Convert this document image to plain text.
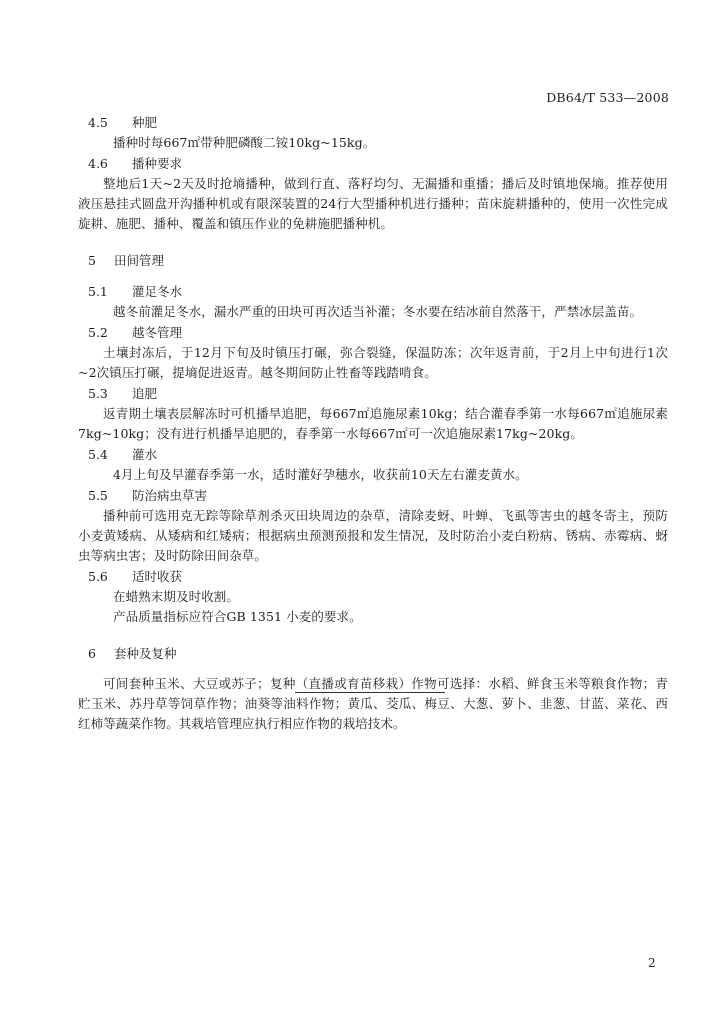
DB64/T 533—2008
4.5 种肥

播种时每667㎡带种肥磷酸二铵10kg~15kg。

4.6 播种要求

整地后1天~2天及时抢墒播种，做到行直、落籽均匀、无漏播和重播；播后及时镇地保墒。推荐使用液压悬挂式圆盘开沟播种机或有限深装置的24行大型播种机进行播种；苗床旋耕播种的，使用一次性完成旋耕、施肥、播种、覆盖和镇压作业的免耕施肥播种机。

5 田间管理
5.1 灌足冬水

越冬前灌足冬水，漏水严重的田块可再次适当补灌；冬水要在结冰前自然落干，严禁冰层盖苗。

5.2 越冬管理

土壤封冻后，于12月下旬及时镇压打碾，弥合裂缝，保温防冻；次年返青前，于2月上中旬进行1次~2次镇压打碾，提墒促进返青。越冬期间防止牲畜等践踏啃食。

5.3 追肥

返青期土壤表层解冻时可机播旱追肥，每667㎡追施尿素10kg；结合灌春季第一水每667㎡追施尿素7kg~10kg；没有进行机播旱追肥的，春季第一水每667㎡可一次追施尿素17kg~20kg。

5.4 灌水

4月上旬及早灌春季第一水，适时灌好孕穗水，收获前10天左右灌麦黄水。

5.5 防治病虫草害

播种前可选用克无踪等除草剂杀灭田块周边的杂草，清除麦蚜、叶蝉、飞虱等害虫的越冬寄主，预防小麦黄矮病、从矮病和红矮病；根据病虫预测预报和发生情况，及时防治小麦白粉病、锈病、赤霉病、蚜虫等病虫害；及时防除田间杂草。

5.6 适时收获

在蜡熟末期及时收割。

产品质量指标应符合GB 1351 小麦的要求。

6 套种及复种

可间套种玉米、大豆或苏子；复种（直播或育苗移栽）作物可选择：水稻、鲜食玉米等粮食作物；青贮玉米、苏丹草等饲草作物；油葵等油料作物；黄瓜、茭瓜、梅豆、大葱、萝卜、韭葱、甘蓝、菜花、西红柿等蔬菜作物。其栽培管理应执行相应作物的栽培技术。

2
